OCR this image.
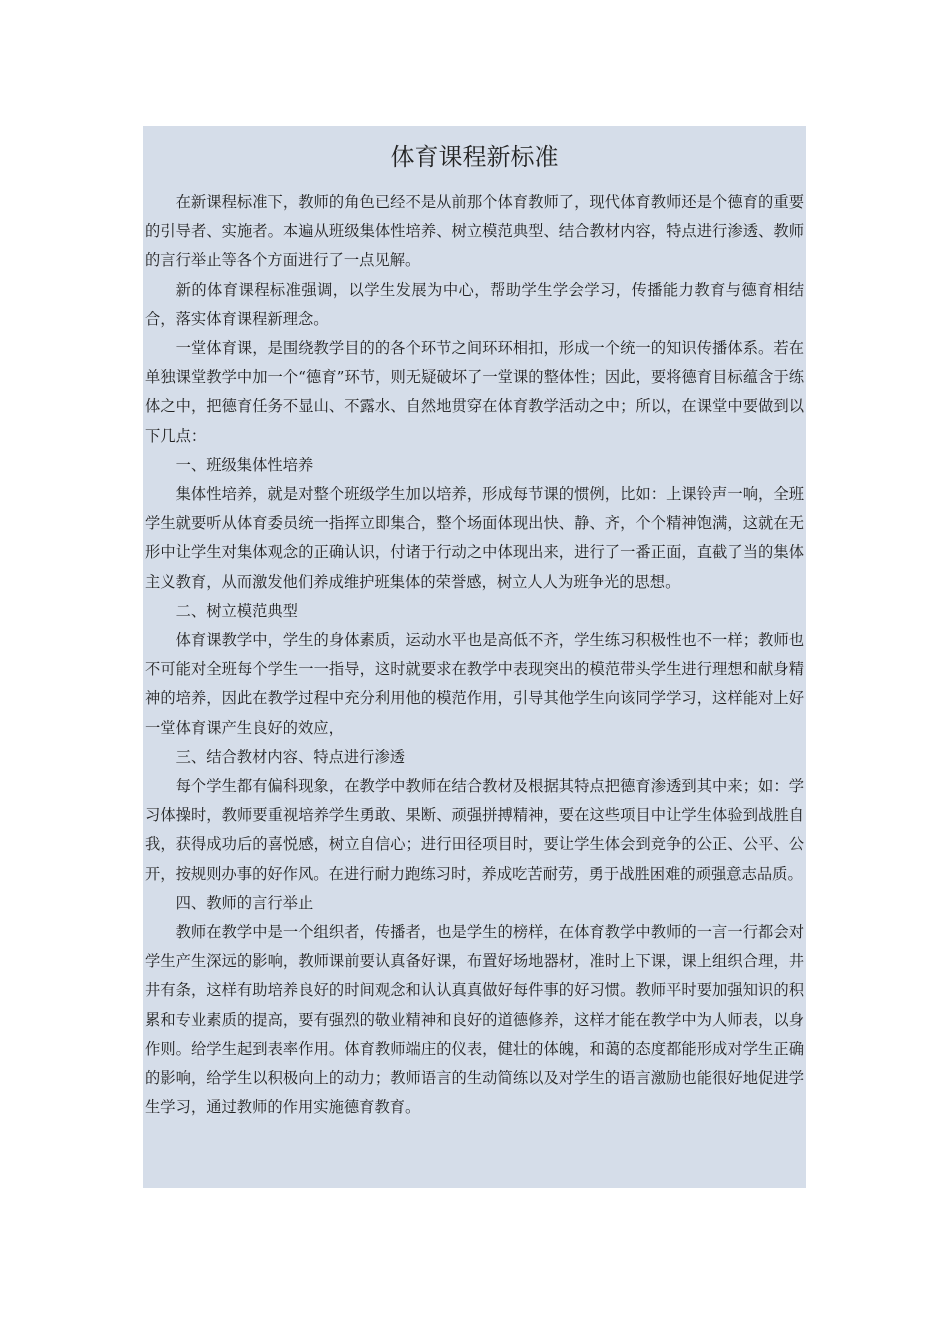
体育课程新标准

在新课程标准下，教师的角色已经不是从前那个体育教师了，现代体育教师还是个德育的重要的引导者、实施者。本遍从班级集体性培养、树立模范典型、结合教材内容，特点进行渗透、教师的言行举止等各个方面进行了一点见解。

新的体育课程标准强调，以学生发展为中心，帮助学生学会学习，传播能力教育与德育相结合，落实体育课程新理念。

一堂体育课，是围绕教学目的的各个环节之间环环相扣，形成一个统一的知识传播体系。若在单独课堂教学中加一个“德育”环节，则无疑破坏了一堂课的整体性；因此，要将德育目标蕴含于练体之中，把德育任务不显山、不露水、自然地贯穿在体育教学活动之中；所以，在课堂中要做到以下几点：

一、班级集体性培养

集体性培养，就是对整个班级学生加以培养，形成每节课的惯例，比如：上课铃声一响，全班学生就要听从体育委员统一指挥立即集合，整个场面体现出快、静、齐，个个精神饱满，这就在无形中让学生对集体观念的正确认识，付诸于行动之中体现出来，进行了一番正面，直截了当的集体主义教育，从而激发他们养成维护班集体的荣誉感，树立人人为班争光的思想。

二、树立模范典型

体育课教学中，学生的身体素质，运动水平也是高低不齐，学生练习积极性也不一样；教师也不可能对全班每个学生一一指导，这时就要求在教学中表现突出的模范带头学生进行理想和献身精神的培养，因此在教学过程中充分利用他的模范作用，引导其他学生向该同学学习，这样能对上好一堂体育课产生良好的效应，

三、结合教材内容、特点进行渗透

每个学生都有偏科现象，在教学中教师在结合教材及根据其特点把德育渗透到其中来；如：学习体操时，教师要重视培养学生勇敢、果断、顽强拼搏精神，要在这些项目中让学生体验到战胜自我，获得成功后的喜悦感，树立自信心；进行田径项目时，要让学生体会到竞争的公正、公平、公开，按规则办事的好作风。在进行耐力跑练习时，养成吃苦耐劳，勇于战胜困难的顽强意志品质。

四、教师的言行举止

教师在教学中是一个组织者，传播者，也是学生的榜样，在体育教学中教师的一言一行都会对学生产生深远的影响，教师课前要认真备好课，布置好场地器材，准时上下课，课上组织合理，井井有条，这样有助培养良好的时间观念和认认真真做好每件事的好习惯。教师平时要加强知识的积累和专业素质的提高，要有强烈的敬业精神和良好的道德修养，这样才能在教学中为人师表，以身作则。给学生起到表率作用。体育教师端庄的仪表，健壮的体魄，和蔼的态度都能形成对学生正确的影响，给学生以积极向上的动力；教师语言的生动简练以及对学生的语言激励也能很好地促进学生学习，通过教师的作用实施德育教育。
